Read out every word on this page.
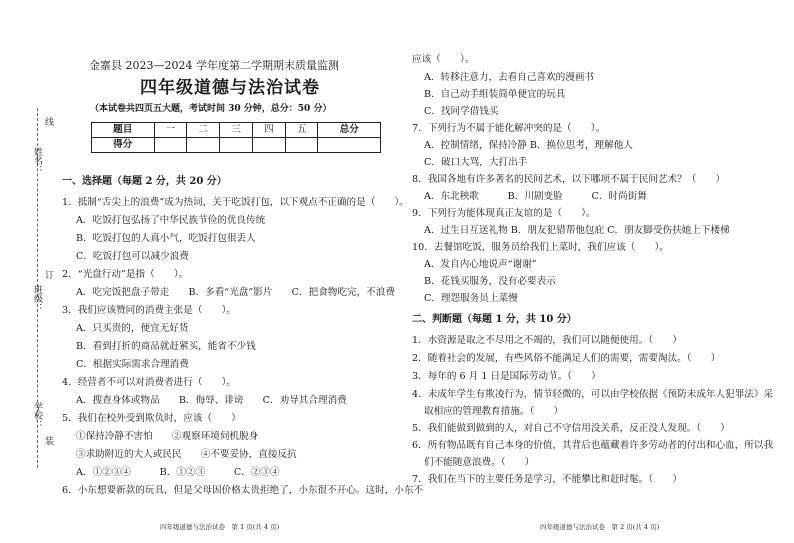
姓名：
班级：
学校：
线
订
装
金寨县 2023—2024 学年度第二学期期末质量监测
四年级道德与法治试卷
（本试卷共四页五大题，考试时间 30 分钟，总分：50 分）
题目	一	二	三	四	五	总分
得分						
一、选择题（每题 2 分，共 20 分）
1．抵制“舌尖上的浪费”成为热词，关于吃饭打包，以下观点不正确的是（　　）。
A．吃饭打包弘扬了中华民族节俭的优良传统
B．吃饭打包的人真小气，吃饭打包很丢人
C．吃饭打包可以减少浪费
2．“光盘行动”是指（　　）。
A．吃完饭把盘子带走　　B．多看“光盘”影片　　C．把食物吃完，不浪费
3．我们应该赞同的消费主张是（　　）。
A．只买贵的，便宜无好货
B．看到打折的商品就赶紧买，能省不少钱
C．根据实际需求合理消费
4．经营者不可以对消费者进行（　　）。
A．搜查身体或物品　　B．侮辱、诽谤　　C．劝导其合理消费
5．我们在校外受到欺负时，应该（　　）
①保持冷静不害怕　　②观察环境伺机脱身
③求助附近的大人或民民　　④不要妥协，直接反抗
A．①②③④　　　B．①②③　　　C．②③④
6．小东想要新款的玩具，但是父母因价格太贵拒绝了，小东很不开心。这时，小东不
四年级道德与法治试卷　第 1 页(共 4 页)
应该（　　）。
A．转移注意力，去看自己喜欢的漫画书
B．自己动手组装简单便宜的玩具
C．找同学借钱买
7．下列行为不属于能化解冲突的是（　　）。
A．控制情绪，保持冷静 B．换位思考，理解他人
C．破口大骂，大打出手
8．我国各地有许多著名的民间艺术，以下哪项不属于民间艺术？（　　）
A．东北秧歌　　　B．川剧变脸　　　C．时尚街舞
9．下列行为能体现真正友谊的是（　　）。
A．过生日互送礼物 B．朋友犯错帮他包庇 C．朋友脚受伤扶她上下楼梯
10．去餐馆吃饭，服务员给我们上菜时，我们应该（　　）。
A．发自内心地说声“谢谢”
B．花钱买服务，没有必要表示
C．理怨服务员上菜慢
二、判断题（每题 1 分，共 10 分）
1．水资源是取之不尽用之不竭的，我们可以随便使用。（　　）
2．随着社会的发展，有些风俗不能满足人们的需要，需要淘汰。（　　）
3．每年的 6 月 1 日是国际劳动节。（　　）
4．未成年学生有欺凌行为，情节轻微的，可以由学校依据《预防未成年人犯罪法》采
取相应的管理教育措施。（　　）
5．我们能做到做到的人，对自己不守信用没关系，反正没人发现。（　　）
6．所有物品既有自己本身的价值，其背后也蕴藏着许多劳动者的付出和心血，所以我
们不能随意浪费。（　　）
7．我们在当下的主要任务是学习，不能攀比和赶时髦。（　　）
四年级道德与法治试卷　第 2 页(共 4 页)
